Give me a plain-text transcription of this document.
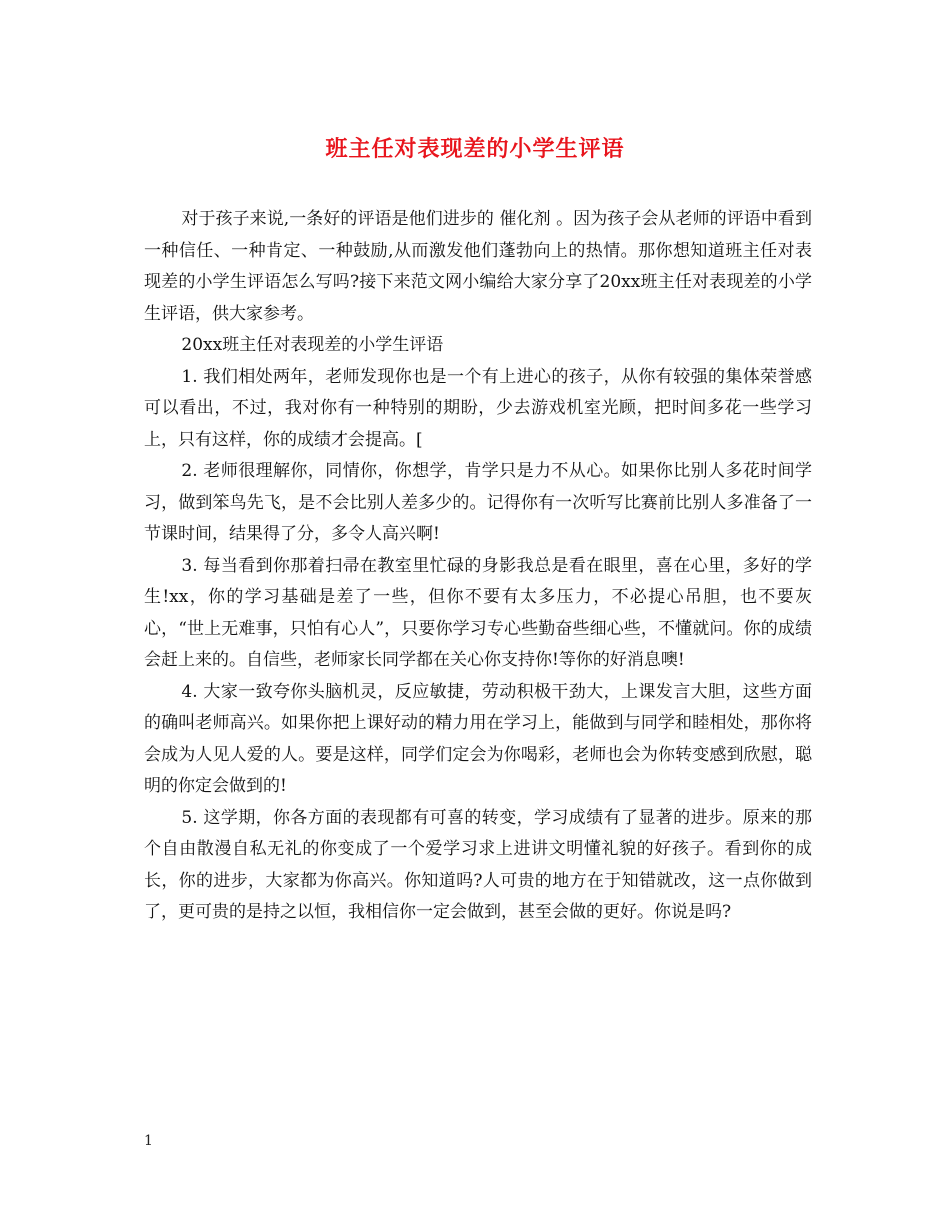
班主任对表现差的小学生评语

对于孩子来说,一条好的评语是他们进步的 催化剂 。因为孩子会从老师的评语中看到一种信任、一种肯定、一种鼓励,从而激发他们蓬勃向上的热情。那你想知道班主任对表现差的小学生评语怎么写吗?接下来范文网小编给大家分享了20xx班主任对表现差的小学生评语，供大家参考。

20xx班主任对表现差的小学生评语

1. 我们相处两年，老师发现你也是一个有上进心的孩子，从你有较强的集体荣誉感可以看出，不过，我对你有一种特别的期盼，少去游戏机室光顾，把时间多花一些学习上，只有这样，你的成绩才会提高。[

2. 老师很理解你，同情你，你想学，肯学只是力不从心。如果你比别人多花时间学习，做到笨鸟先飞，是不会比别人差多少的。记得你有一次听写比赛前比别人多准备了一节课时间，结果得了分，多令人高兴啊!

3. 每当看到你那着扫帚在教室里忙碌的身影我总是看在眼里，喜在心里，多好的学生!xx，你的学习基础是差了一些，但你不要有太多压力，不必提心吊胆，也不要灰心，“世上无难事，只怕有心人”，只要你学习专心些勤奋些细心些，不懂就问。你的成绩会赶上来的。自信些，老师家长同学都在关心你支持你!等你的好消息噢!

4. 大家一致夸你头脑机灵，反应敏捷，劳动积极干劲大，上课发言大胆，这些方面的确叫老师高兴。如果你把上课好动的精力用在学习上，能做到与同学和睦相处，那你将会成为人见人爱的人。要是这样，同学们定会为你喝彩，老师也会为你转变感到欣慰，聪明的你定会做到的!

5. 这学期，你各方面的表现都有可喜的转变，学习成绩有了显著的进步。原来的那个自由散漫自私无礼的你变成了一个爱学习求上进讲文明懂礼貌的好孩子。看到你的成长，你的进步，大家都为你高兴。你知道吗?人可贵的地方在于知错就改，这一点你做到了，更可贵的是持之以恒，我相信你一定会做到，甚至会做的更好。你说是吗?

1
